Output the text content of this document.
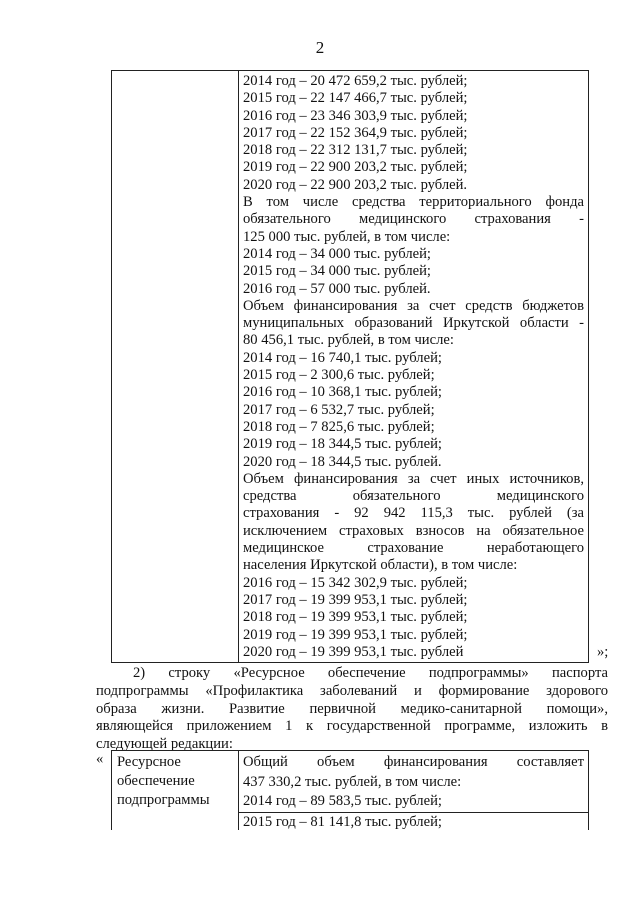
2
2014 год – 20 472 659,2 тыс. рублей;
2015 год – 22 147 466,7 тыс. рублей;
2016 год – 23 346 303,9 тыс. рублей;
2017 год – 22 152 364,9 тыс. рублей;
2018 год – 22 312 131,7 тыс. рублей;
2019 год – 22 900 203,2 тыс. рублей;
2020 год – 22 900 203,2 тыс. рублей.
В том числе средства территориального фонда
обязательного медицинского страхования -
125 000 тыс. рублей, в том числе:
2014 год – 34 000 тыс. рублей;
2015 год – 34 000 тыс. рублей;
2016 год – 57 000 тыс. рублей.
Объем финансирования за счет средств бюджетов
муниципальных образований Иркутской области -
80 456,1 тыс. рублей, в том числе:
2014 год – 16 740,1 тыс. рублей;
2015 год – 2 300,6 тыс. рублей;
2016 год – 10 368,1 тыс. рублей;
2017 год – 6 532,7 тыс. рублей;
2018 год – 7 825,6 тыс. рублей;
2019 год – 18 344,5 тыс. рублей;
2020 год – 18 344,5 тыс. рублей.
Объем финансирования за счет иных источников,
средства обязательного медицинского
страхования - 92 942 115,3 тыс. рублей (за
исключением страховых взносов на обязательное
медицинское страхование неработающего
населения Иркутской области), в том числе:
2016 год – 15 342 302,9 тыс. рублей;
2017 год – 19 399 953,1 тыс. рублей;
2018 год – 19 399 953,1 тыс. рублей;
2019 год – 19 399 953,1 тыс. рублей;
2020 год – 19 399 953,1 тыс. рублей	»;
2) строку «Ресурсное обеспечение подпрограммы» паспорта
подпрограммы «Профилактика заболеваний и формирование здорового
образа жизни. Развитие первичной медико-санитарной помощи»,
являющейся приложением 1 к государственной программе, изложить в
следующей редакции:
« Ресурсное
обеспечение
подпрограммы
Общий объем финансирования составляет
437 330,2 тыс. рублей, в том числе:
2014 год – 89 583,5 тыс. рублей;
2015 год – 81 141,8 тыс. рублей;
